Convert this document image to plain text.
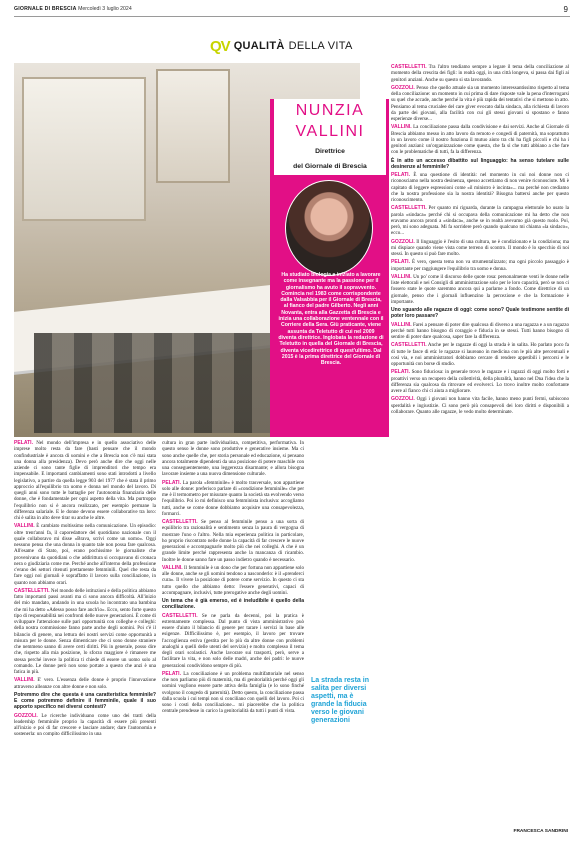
GIORNALE DI BRESCIA Mercoledì 3 luglio 2024	9
QV QUALITÀ DELLA VITA
NUNZIA
VALLINI
Direttrice
del Giornale di Brescia
Ha studiato biologia e iniziato a lavorare come insegnante ma la passione per il giornalismo ha avuto il sopravvento. Comincia nel 1983 come corrispondente dalla Valsabbia per il Giornale di Brescia, al fianco del padre Gilberto. Negli anni Novanta, entra alla Gazzetta di Brescia e inizia una collaborazione ventennale con il Corriere della Sera. Giù praticante, viene assunta da Teletutto di cui nel 2009 diventa direttrice. Inglobata la redazione di Teletutto in quella del Giornale di Brescia, diventa vicedirettrice di quest'ultimo. Dal 2015 è la prima direttrice del Giornale di Brescia.

PELATI. Nel mondo dell'impresa e in quello associativo delle imprese molto resta da fare (basti pensare che il mondo confindustriale è ancora di uomini e che a Brescia non c'è mai stata una donna alla presidenza). Devo però anche dire che oggi nelle aziende ci sono tante figlie di imprenditori che tempo era impensabile. E importanti cambiamenti sono stati introdotti a livello legislativo, a partire da quella legge 903 del 1977 che è stata il primo approccio all'equilibrio tra uomo e donna nel mondo del lavoro. Di quegli anni sono tutte le battaglie per l'autonomia finanziaria delle donne, che è fondamentale per ogni aspetto della vita. Ma purtroppo l'equilibrio non si è ancora realizzato, per esempio permane la differenza salariale. E le donne devono essere collaborative tra loro: chi è salita in alto deve tirar su anche le altre.

VALLINI. È cambiato moltissimo nella comunicazione. Un episodio: oltre trent'anni fa, il caporedattore del quotidiano nazionale con il quale collaboravo mi disse «Brava, scrivi come un uomo». Oggi nessuno pensa che una donna in quanto tale non possa fare qualcosa. All'esame di Stato, poi, erano pochissime le giornaliste che provenivano da quotidiani o che addirittura si occupavano di cronaca nera o giudiziaria come me. Perché anche all'interno della professione c'erano dei settori ritenuti prettamente femminili. Quel che resta da fare oggi noi giornali è sopraffatto il lavoro sulla conciliazione, in quanto non abbiamo orari.

CASTELLETTI. Nel mondo delle istituzioni e della politica abbiamo fatto importanti passi avanti ma ci sono ancora difficoltà. All'inizio del mio mandato, andando in una scuola ho incontrato una bambina che mi ha detto «Adesso posso fare anch'io». Ecco, sento forte questo tipo di responsabilità nei confronti delle nuove generazioni. È come di sviluppare l'attenzione sulle pari opportunità con colleghe e colleghi: della nostra commissione fanno parte anche degli uomini. Poi c'è il bilancio di genere, una lettura dei nostri servizi come opportunità a misura per le donne. Senza dimenticare che ci sono donne straniere che nemmeno sanno di avere certi diritti. Più in generale, posso dire che, rispetto alla mia posizione, lo sforzo maggiore è rimanere me stessa perché invece la politica ti chiede di essere un uomo solo al comando. Le donne però non sono portate a questo che anzi è una fatica in più.

VALLINI. E' vero. L'essenza delle donne è proprio l'innovazione attraverso alleanze con altre donne e non solo.

Potremmo dire che questa è una caratteristica femminile? E come potremmo definire il femminile, quale il suo apporto specifico nei diversi contesti?

GOZZOLI. Le ricerche individuano come uno dei tratti della leadership femminile proprio la capacità di essere più presenti all'inizio e poi di far crescere e lasciare andare; dare l'autonomia e sostenerla: un compito difficilissimo in una

cultura in gran parte individualista, competitiva, performativa. In questo senso le donne sono produttive e generative insieme. Ma ci sono anche quelle che, per storia personale ed educazione, si pensano ancora totalmente dipendenti da una posizione di potere maschile con una conseguentemente, una leggerezza disarmante; e allora bisogna lavorare insieme a una nuova dimensione culturale.

PELATI. La parola «femminile» è molto trasversale, non appartiene solo alle donne: preferisco parlare di «condizione femminile» che per me è il termometro per misurare quanto la società sta evolvendo verso l'equilibrio. Poi io mi definisco una femminista inclusiva: accogliamo tutti, anche se come donne dobbiamo acquisire una consapevolezza, formarci.

CASTELLETTI. Se penso al femminile penso a una sorta di equilibrio tra razionalità e sentimento senza la paura di vergogna di mostrare l'uno o l'altro. Nella mia esperienza politica in particolare, ho proprio riscontrato nelle donne la capacità di far crescere le nuove generazioni e accompagnarle molto più che nei colleghi. A che è un grande limite perché rappresenta anche la mancanza di ricambio. Inoltre le donne sanno fare un passo indietro quando è necessario.

VALLINI. Il femminile è un dono che per fortuna non appartiene solo alle donne, anche se gli uomini tendono a nasconderlo: è il «prenderci cura». Il vivere la posizione di potere come servizio. In questo ci sta tutto quello che abbiamo detto: l'essere generativi, capaci di accompagnare, inclusivi, tutte prerogative anche degli uomini.

Un tema che è già emerso, ed è ineludibile è quello della conciliazione.

CASTELLETTI. Se ne parla da decenni, poi la pratica è estremamente complessa. Dal punto di vista amministrativo può essere d'aiuto il bilancio di genere per tarare i servizi in base alle esigenze. Difficilissimo è, per esempio, il lavoro per trovare l'accoglienza estiva (gestita per lo più da altre donne con problemi analoghi a quelli delle utenti del servizio) e molto complesso il tema degli orari scolastici. Anche lavorare sui trasporti, però, serve a facilitare la vita, e non solo delle madri, anche dei padri: le nuove generazioni condividono sempre di più.

PELATI. La conciliazione è un problema multifattoriale nel senso che non parliamo più di maternità, ma di genitorialità perché oggi gli uomini vogliono essere parte attiva della famiglia (e lo sono finché svolgono il congedo di paternità). Detto questo, la conciliazione passa dalla scuola i cui tempi non si conciliano con quelli del lavoro. Poi ci sono i costi della conciliazione... mi piacerebbe che la politica centrale prendesse in carico la genitorialità da tutti i punti di vista.

CASTELLETTI. Tra l'altro tendiamo sempre a legare il tema della conciliazione al momento della crescita dei figli: in realtà oggi, in una città longeva, si passa dai figli ai genitori anziani. Anche su questo si sta lavorando.

GOZZOLI. Penso che quello attuale sia un momento interessantissimo rispetto al tema della conciliazione: un momento in cui prima di dare risposte vale la pena d'interrogarsi su quel che accade, anche perché la vita è più rapida dei tentativi che si mettono in atto. Pensiamo al tema crucialee del care giver evocato dalla sindaca, alla richiesta di lavoro da parte dei giovani, alla facilità con cui gli stessi giovani si spostano e fanno esperienze diverse...

VALLINI. La conciliazione passa dalla condivisione e dai servizi. Anche al Giornale di Brescia abbiamo messo in atto lavoro da remoto e congedi di paternità, ma soprattutto in un lavoro come il nostro funziona il mutuo aiuto tra chi ha figli piccoli e chi ha i genitori anziani: un'organizzazione come questa, che fa sì che tutti abbiano a che fare con le problematiche di tutti, fa la differenza.

È in atto un accesso dibattito sul linguaggio: ha senso tutelare sulle desinenze al femminile?

PELATI. È una questione di identità: nel momento in cui noi donne non ci riconosciamo nella nostra desinenza, spesso accettiamo di non venire riconosciute. Mi è capitato di leggere espressioni come «il ministro è incinta»... ma perché non crediamo che la nostra professione sia la nostra identità? Bisogna battersi anche per questo riconoscimento.

CASTELLETTI. Per quanto mi riguarda, durante la campagna elettorale ho usato la parola «sindaca» perché chi si occupava della comunicazione mi ha detto che non eravamo ancora pronti a «sindaca», anche se in realtà avevamo già questo ruolo. Poi, però, mi sono adeguata. Mi fa sorridere però quando qualcuno mi chiama «la sindaco», ecco...

GOZZOLI. Il linguaggio è l'esito di una cultura, ne è condizionato e la condiziona; ma mi dispiace quando viene vista come terreno di scontro. Il mondo è lo specchio di noi stessi. In questo si può fare molto.

PELATI. È vero, questa tema non va strumentalizzato; ma ogni piccolo passaggio è importante per raggiungere l'equilibrio tra uomo e donna.

VALLINI. Un po' come il discorso delle quote rosa: personalmente venti le donne nelle liste elettorali e nei Consigli di amministrazione solo per le loro capacità, però se non ci fossero state le quote saremmo ancora qui a parlarne a fondo. Come direttrice di un giornale, penso che i giornali influenzino la percezione e che la formazione è importante.

Uno sguardo alle ragazze di oggi: come sono? Quale testimone sentite di poter loro passare?

VALLINI. Farei a pensare di poter dire qualcosa di diverso a una ragazza e a un ragazzo perché tutti hanno bisogno di coraggio e fiducia in se stessi. Tutti hanno bisogno di sentire di poter dare qualcosa, saper fare la differenza.

CASTELLETTI. Anche per le ragazze di oggi la strada è in salita. Ho parlato poco fa di tutte le fasce di età: le ragazze si laureano in medicina con le più alte percentuali e così via, e noi amministratori dobbiamo cercare di rendere appetibili i percorsi e le opportunità con borse di studio.

PELATI. Sono fiduciosa: in generale trovo le ragazze e i ragazzi di oggi molto forti e proattivi verso un recupero della collettività, della pluralità, hanno nel Dna l'idea che la differenza sia qualcosa da ritrovare ed evolverci. Lo trovo inoltre molto confortante avere al fianco chi ci aiuta a migliorare.

GOZZOLI. Oggi i giovani non hanno vita facile, hanno meno punti fermi, subiscono sperdalità e ingiustizie. Ci sono però più consapevoli dei loro diritti e disponibili a collaborare. Quanto alle ragazze, le vedo molto determinate.

La strada resta in salita per diversi aspetti, ma è grande la fiducia verso le giovani generazioni
FRANCESCA SANDRINI
